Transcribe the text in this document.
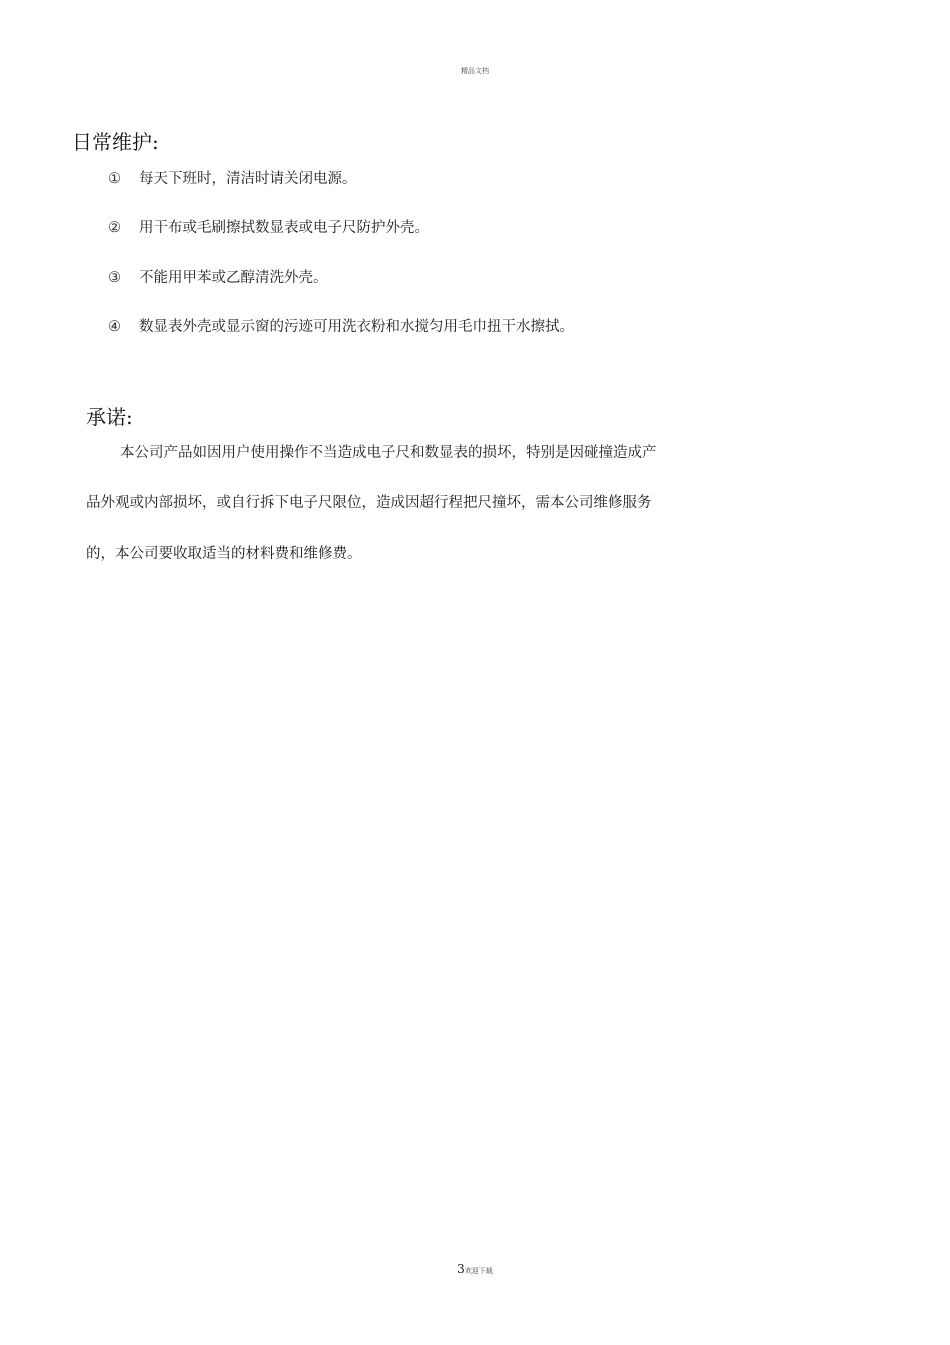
精品文档
日常维护:
① 每天下班时，清洁时请关闭电源。
② 用干布或毛刷擦拭数显表或电子尺防护外壳。
③ 不能用甲苯或乙醇清洗外壳。
④ 数显表外壳或显示窗的污迹可用洗衣粉和水搅匀用毛巾扭干水擦拭。
承诺:
本公司产品如因用户使用操作不当造成电子尺和数显表的损坏，特别是因碰撞造成产
品外观或内部损坏，或自行拆下电子尺限位，造成因超行程把尺撞坏，需本公司维修服务
的，本公司要收取适当的材料费和维修费。
3欢迎下载
